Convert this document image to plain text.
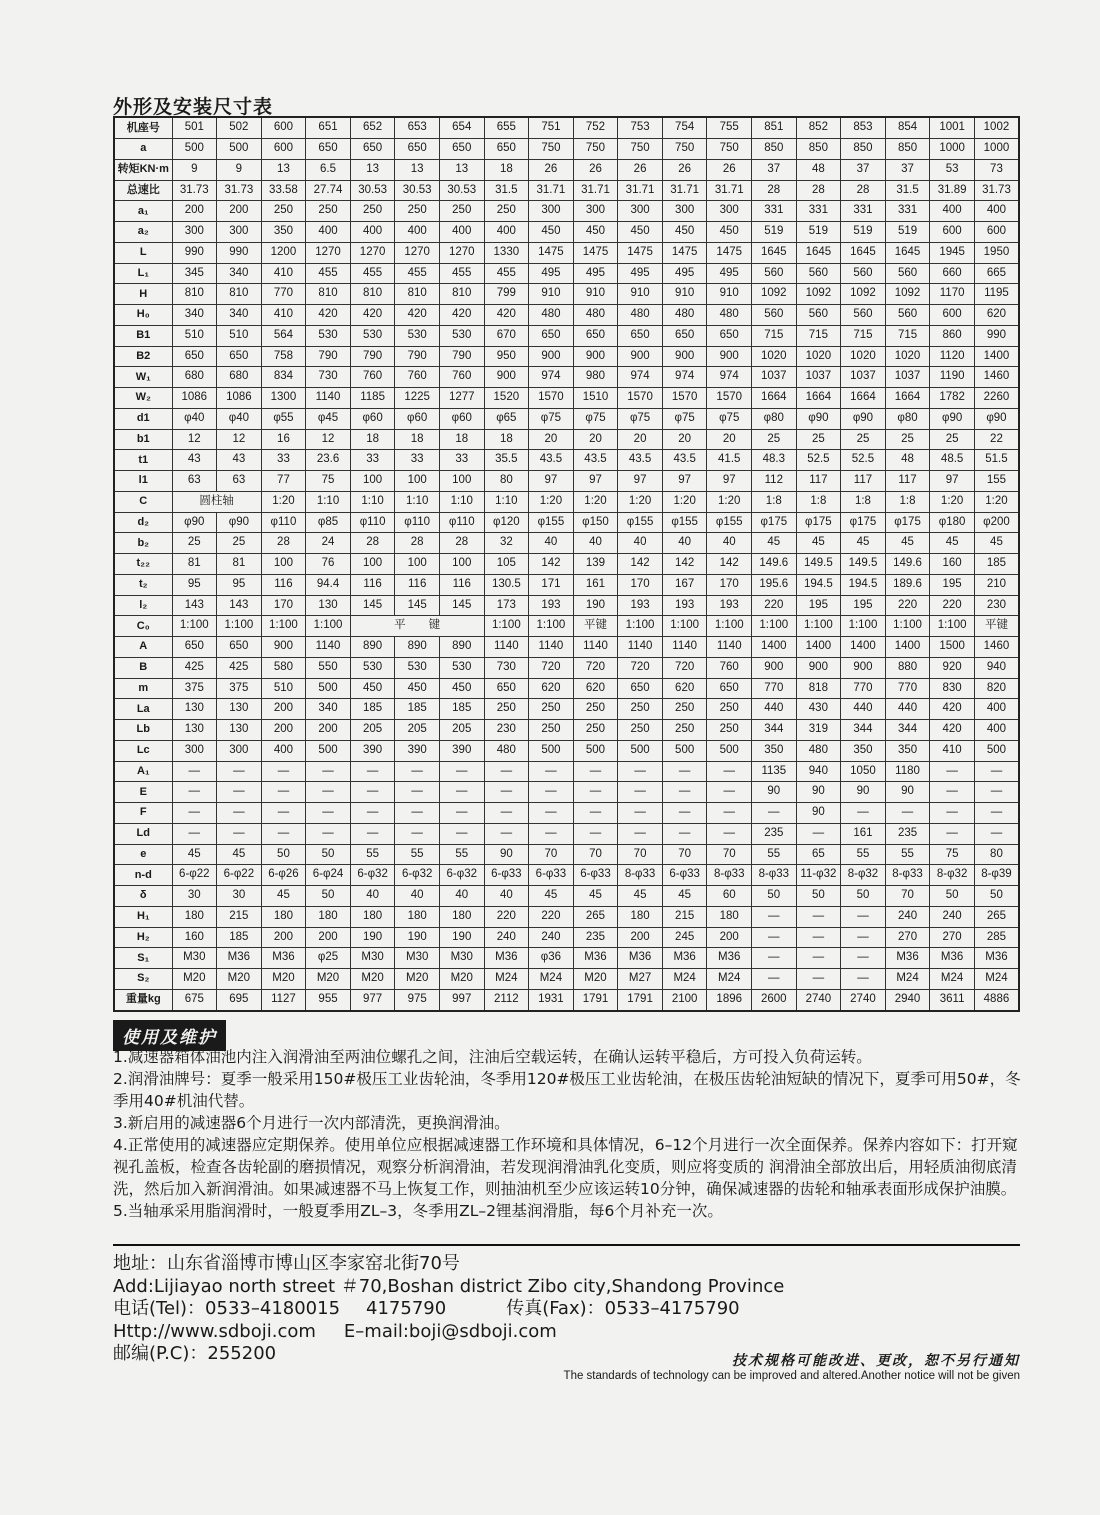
外形及安装尺寸表
机座号	501	502	600	651	652	653	654	655	751	752	753	754	755	851	852	853	854	1001	1002
a	500	500	600	650	650	650	650	650	750	750	750	750	750	850	850	850	850	1000	1000
转矩KN·m	9	9	13	6.5	13	13	13	18	26	26	26	26	26	37	48	37	37	53	73
总速比	31.73	31.73	33.58	27.74	30.53	30.53	30.53	31.5	31.71	31.71	31.71	31.71	31.71	28	28	28	31.5	31.89	31.73
a₁	200	200	250	250	250	250	250	250	300	300	300	300	300	331	331	331	331	400	400
a₂	300	300	350	400	400	400	400	400	450	450	450	450	450	519	519	519	519	600	600
L	990	990	1200	1270	1270	1270	1270	1330	1475	1475	1475	1475	1475	1645	1645	1645	1645	1945	1950
L₁	345	340	410	455	455	455	455	455	495	495	495	495	495	560	560	560	560	660	665
H	810	810	770	810	810	810	810	799	910	910	910	910	910	1092	1092	1092	1092	1170	1195
H₀	340	340	410	420	420	420	420	420	480	480	480	480	480	560	560	560	560	600	620
B1	510	510	564	530	530	530	530	670	650	650	650	650	650	715	715	715	715	860	990
B2	650	650	758	790	790	790	790	950	900	900	900	900	900	1020	1020	1020	1020	1120	1400
W₁	680	680	834	730	760	760	760	900	974	980	974	974	974	1037	1037	1037	1037	1190	1460
W₂	1086	1086	1300	1140	1185	1225	1277	1520	1570	1510	1570	1570	1570	1664	1664	1664	1664	1782	2260
d1	φ40	φ40	φ55	φ45	φ60	φ60	φ60	φ65	φ75	φ75	φ75	φ75	φ75	φ80	φ90	φ90	φ80	φ90	φ90
b1	12	12	16	12	18	18	18	18	20	20	20	20	20	25	25	25	25	25	22
t1	43	43	33	23.6	33	33	33	35.5	43.5	43.5	43.5	43.5	41.5	48.3	52.5	52.5	48	48.5	51.5
l1	63	63	77	75	100	100	100	80	97	97	97	97	97	112	117	117	117	97	155
C	圆柱轴		1:20	1:10	1:10	1:10	1:10	1:10	1:20	1:20	1:20	1:20	1:20	1:8	1:8	1:8	1:8	1:20	1:20
d₂	φ90	φ90	φ110	φ85	φ110	φ110	φ110	φ120	φ155	φ150	φ155	φ155	φ155	φ175	φ175	φ175	φ175	φ180	φ200
b₂	25	25	28	24	28	28	28	32	40	40	40	40	40	45	45	45	45	45	45
t₂₂	81	81	100	76	100	100	100	105	142	139	142	142	142	149.6	149.5	149.5	149.6	160	185
t₂	95	95	116	94.4	116	116	116	130.5	171	161	170	167	170	195.6	194.5	194.5	189.6	195	210
l₂	143	143	170	130	145	145	145	173	193	190	193	193	193	220	195	195	220	220	230
C₀	1:100	1:100	1:100	1:100	平　　键			1:100	1:100	平键	1:100	1:100	1:100	1:100	1:100	1:100	1:100	1:100	平键
A	650	650	900	1140	890	890	890	1140	1140	1140	1140	1140	1140	1400	1400	1400	1400	1500	1460
B	425	425	580	550	530	530	530	730	720	720	720	720	760	900	900	900	880	920	940
m	375	375	510	500	450	450	450	650	620	620	650	620	650	770	818	770	770	830	820
La	130	130	200	340	185	185	185	250	250	250	250	250	250	440	430	440	440	420	400
Lb	130	130	200	200	205	205	205	230	250	250	250	250	250	344	319	344	344	420	400
Lc	300	300	400	500	390	390	390	480	500	500	500	500	500	350	480	350	350	410	500
A₁	—	—	—	—	—	—	—	—	—	—	—	—	—	1135	940	1050	1180	—	—
E	—	—	—	—	—	—	—	—	—	—	—	—	—	90	90	90	90	—	—
F	—	—	—	—	—	—	—	—	—	—	—	—	—	—	90	—	—	—	—
Ld	—	—	—	—	—	—	—	—	—	—	—	—	—	235	—	161	235	—	—
e	45	45	50	50	55	55	55	90	70	70	70	70	70	55	65	55	55	75	80
n-d	6-φ22	6-φ22	6-φ26	6-φ24	6-φ32	6-φ32	6-φ32	6-φ33	6-φ33	6-φ33	8-φ33	6-φ33	8-φ33	8-φ33	11-φ32	8-φ32	8-φ33	8-φ32	8-φ39
δ	30	30	45	50	40	40	40	40	45	45	45	45	60	50	50	50	70	50	50
H₁	180	215	180	180	180	180	180	220	220	265	180	215	180	—	—	—	240	240	265
H₂	160	185	200	200	190	190	190	240	240	235	200	245	200	—	—	—	270	270	285
S₁	M30	M36	M36	φ25	M30	M30	M30	M36	φ36	M36	M36	M36	M36	—	—	—	M36	M36	M36
S₂	M20	M20	M20	M20	M20	M20	M20	M24	M24	M20	M27	M24	M24	—	—	—	M24	M24	M24
重量kg	675	695	1127	955	977	975	997	2112	1931	1791	1791	2100	1896	2600	2740	2740	2940	3611	4886
使用及维护

1.减速器箱体油池内注入润滑油至两油位螺孔之间，注油后空载运转，在确认运转平稳后，方可投入负荷运转。

2.润滑油牌号：夏季一般采用150#极压工业齿轮油，冬季用120#极压工业齿轮油，在极压齿轮油短缺的情况下，夏季可用50#，冬季用40#机油代替。

3.新启用的减速器6个月进行一次内部清洗，更换润滑油。

4.正常使用的减速器应定期保养。使用单位应根据减速器工作环境和具体情况，6–12个月进行一次全面保养。保养内容如下：打开窥视孔盖板，检查各齿轮副的磨损情况，观察分析润滑油，若发现润滑油乳化变质，则应将变质的 润滑油全部放出后，用轻质油彻底清洗，然后加入新润滑油。如果减速器不马上恢复工作，则抽油机至少应该运转10分钟，确保减速器的齿轮和轴承表面形成保护油膜。

5.当轴承采用脂润滑时，一般夏季用ZL–3，冬季用ZL–2锂基润滑脂，每6个月补充一次。

地址：山东省淄博市博山区李家窑北街70号
Add:Lijiayao north street ＃70,Boshan district Zibo city,Shandong Province
电话(Tel)：0533–4180015 4175790	传真(Fax)：0533–4175790
Http://www.sdboji.com E–mail:boji@sdboji.com
邮编(P.C)：255200	技术规格可能改进、更改，恕不另行通知
The standards of technology can be improved and altered.Another notice will not be given
